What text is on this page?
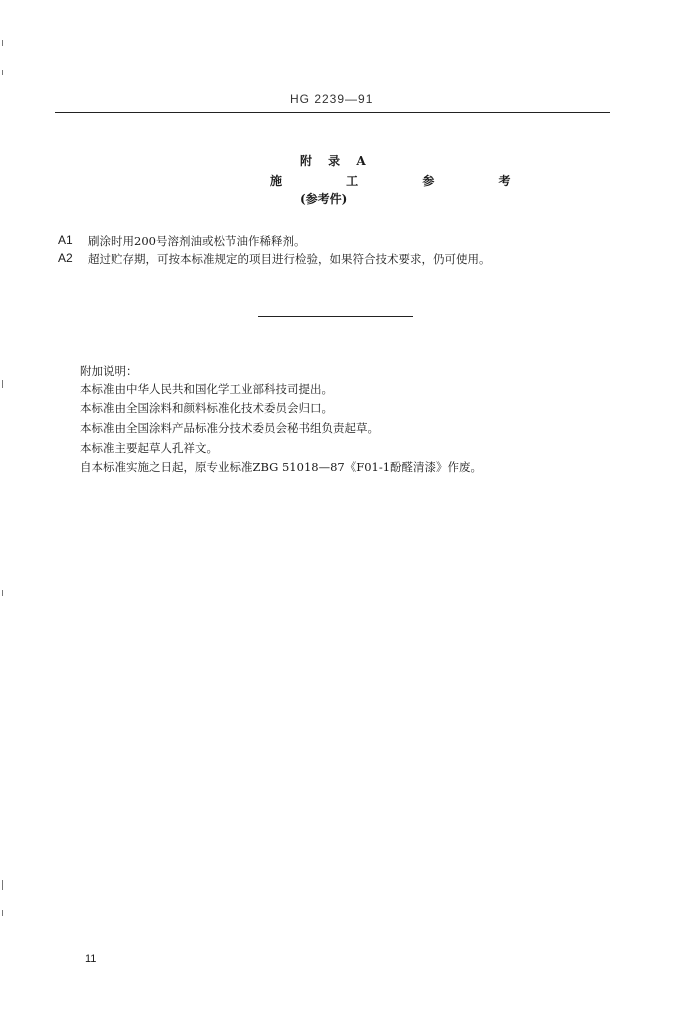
HG 2239—91
附 录 A
施 工 参 考
(参考件)
A1 刷涂时用200号溶剂油或松节油作稀释剂。
A2 超过贮存期，可按本标准规定的项目进行检验，如果符合技术要求，仍可使用。
附加说明：
本标准由中华人民共和国化学工业部科技司提出。
本标准由全国涂料和颜料标准化技术委员会归口。
本标准由全国涂料产品标准分技术委员会秘书组负责起草。
本标准主要起草人孔祥文。
自本标准实施之日起，原专业标准ZBG 51018—87《F01-1酚醛清漆》作废。
11
